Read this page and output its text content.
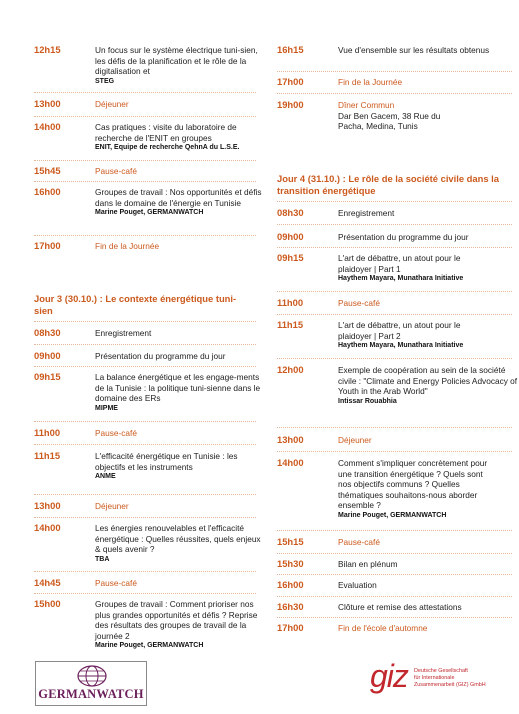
12h15	Un focus sur le système électrique tuni-sien, les défis de la planification et le rôle de la digitalisation et
STEG
13h00	Déjeuner
14h00	Cas pratiques : visite du laboratoire de recherche de l'ENIT en groupes
ENIT, Equipe de recherche QehnA du L.S.E.
15h45	Pause-café
16h00	Groupes de travail : Nos opportunités et défis dans le domaine de l'énergie en Tunisie
Marine Pouget, GERMANWATCH
17h00	Fin de la Journée
Jour 3 (30.10.) : Le contexte énergétique tuni-sien
08h30	Enregistrement
09h00	Présentation du programme du jour
09h15	La balance énergétique et les engage-ments de la Tunisie : la politique tuni-sienne dans le domaine des ERs
MIPME
11h00	Pause-café
11h15	L'efficacité énergétique en Tunisie : les objectifs et les instruments
ANME
13h00	Déjeuner
14h00	Les énergies renouvelables et l'efficacité énergétique : Quelles réussites, quels enjeux & quels avenir ?
TBA
14h45	Pause-café
15h00	Groupes de travail : Comment prioriser nos plus grandes opportunités et défis ? Reprise des résultats des groupes de travail de la journée 2
Marine Pouget, GERMANWATCH
16h15	Vue d'ensemble sur les résultats obtenus
17h00	Fin de la Journée
19h00	Dîner Commun
Dar Ben Gacem, 38 Rue du Pacha, Medina, Tunis
Jour 4 (31.10.) : Le rôle de la société civile dans la transition énergétique
08h30	Enregistrement
09h00	Présentation du programme du jour
09h15	L'art de débattre, un atout pour le plaidoyer | Part 1
Haythem Mayara, Munathara Initiative
11h00	Pause-café
11h15	L'art de débattre, un atout pour le plaidoyer | Part 2
Haythem Mayara, Munathara Initiative
12h00	Exemple de coopération au sein de la société civile : "Climate and Energy Policies Advocacy of Youth in the Arab World"
Intissar Rouabhia
13h00	Déjeuner
14h00	Comment s'impliquer concrètement pour une transition énergétique ? Quels sont nos objectifs communs ? Quelles thématiques souhaitons-nous aborder ensemble ?
Marine Pouget, GERMANWATCH
15h15	Pause-café
15h30	Bilan en plénum
16h00	Evaluation
16h30	Clôture et remise des attestations
17h00	Fin de l'école d'automne
GERMANWATCH	giz Deutsche Gesellschaft
für Internationale
Zusammenarbeit (GIZ) GmbH
